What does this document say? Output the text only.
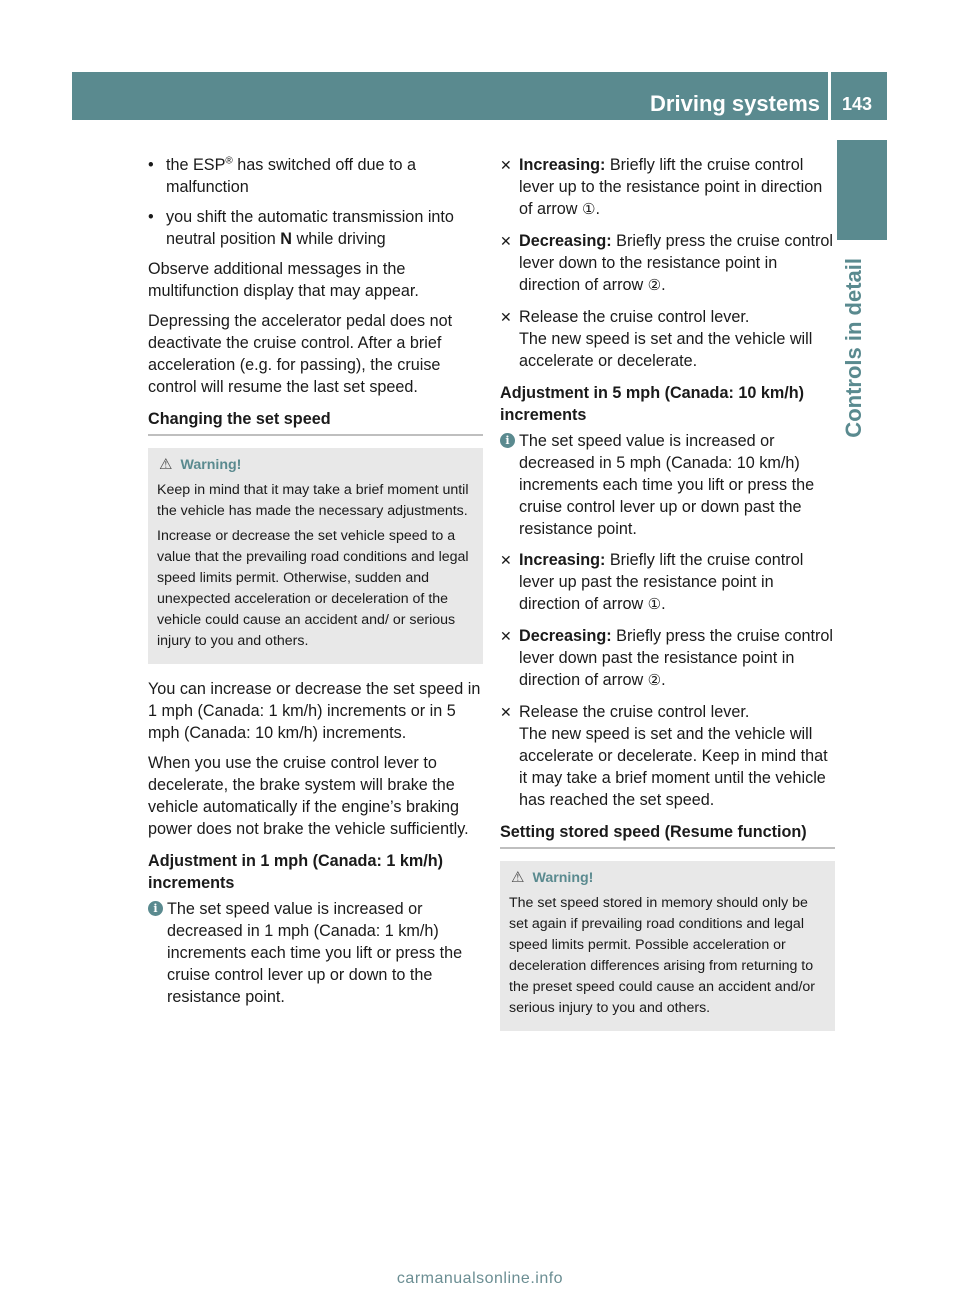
Driving systems 143
Controls in detail
• the ESP® has switched off due to a malfunction
• you shift the automatic transmission into neutral position N while driving

Observe additional messages in the multifunction display that may appear.

Depressing the accelerator pedal does not deactivate the cruise control. After a brief acceleration (e.g. for passing), the cruise control will resume the last set speed.

Changing the set speed
⚠ Warning!

Keep in mind that it may take a brief moment until the vehicle has made the necessary adjustments.

Increase or decrease the set vehicle speed to a value that the prevailing road conditions and legal speed limits permit. Otherwise, sudden and unexpected acceleration or deceleration of the vehicle could cause an accident and/ or serious injury to you and others.

You can increase or decrease the set speed in 1 mph (Canada: 1 km/h) increments or in 5 mph (Canada: 10 km/h) increments.

When you use the cruise control lever to decelerate, the brake system will brake the vehicle automatically if the engine’s braking power does not brake the vehicle sufficiently.

Adjustment in 1 mph (Canada: 1 km/h) increments
i The set speed value is increased or decreased in 1 mph (Canada: 1 km/h) increments each time you lift or press the cruise control lever up or down to the resistance point.
✕ Increasing: Briefly lift the cruise control lever up to the resistance point in direction of arrow ①.
✕ Decreasing: Briefly press the cruise control lever down to the resistance point in direction of arrow ②.
✕ Release the cruise control lever.
The new speed is set and the vehicle will accelerate or decelerate.
Adjustment in 5 mph (Canada: 10 km/h) increments
i The set speed value is increased or decreased in 5 mph (Canada: 10 km/h) increments each time you lift or press the cruise control lever up or down past the resistance point.
✕ Increasing: Briefly lift the cruise control lever up past the resistance point in direction of arrow ①.
✕ Decreasing: Briefly press the cruise control lever down past the resistance point in direction of arrow ②.
✕ Release the cruise control lever.
The new speed is set and the vehicle will accelerate or decelerate. Keep in mind that it may take a brief moment until the vehicle has reached the set speed.
Setting stored speed (Resume function)
⚠ Warning!

The set speed stored in memory should only be set again if prevailing road conditions and legal speed limits permit. Possible acceleration or deceleration differences arising from returning to the preset speed could cause an accident and/or serious injury to you and others.

carmanualsonline.info
